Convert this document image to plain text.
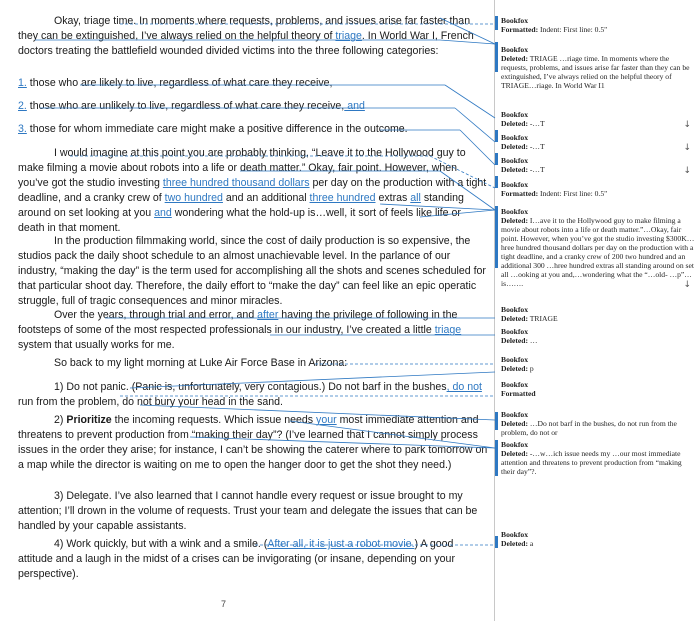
Okay, triage time. In moments where requests, problems, and issues arise far faster than they can be extinguished, I’ve always relied on the helpful theory of triage. In World War I, French doctors treating the battlefield wounded divided victims into the three following categories:

1. those who are likely to live, regardless of what care they receive,

2. those who are unlikely to live, regardless of what care they receive, and

3. those for whom immediate care might make a positive difference in the outcome.

I would imagine at this point you are probably thinking, “Leave it to the Hollywood guy to make filming a movie about robots into a life or death matter.” Okay, fair point. However, when you’ve got the studio investing three hundred thousand dollars per day on the production with a tight deadline, and a cranky crew of two hundred and an additional three hundred extras all standing around on set looking at you and wondering what the hold-up is…well, it sort of feels like life or death in that moment.

In the production filmmaking world, since the cost of daily production is so expensive, the studios pack the daily shoot schedule to an almost unachievable level. In the parlance of our industry, “making the day” is the term used for accomplishing all the shots and scenes scheduled for that particular shoot day. Therefore, the daily effort to “make the day” can feel like an epic operatic struggle, full of tragic consequences and minor miracles.

Over the years, through trial and error, and after having the privilege of following in the footsteps of some of the most respected professionals in our industry, I’ve created a little triage system that usually works for me.

So back to my light morning at Luke Air Force Base in Arizona:

1) Do not panic. (Panic is, unfortunately, very contagious.) Do not barf in the bushes, do not run from the problem, do not bury your head in the sand.

2) Prioritize the incoming requests. Which issue needs your most immediate attention and threatens to prevent production from “making their day”? (I’ve learned that I cannot simply process issues in the order they arise; for instance, I can’t be showing the caterer where to park tomorrow on a map while the director is waiting on me to open the hanger door to get the shot they need.)

3) Delegate. I’ve also learned that I cannot handle every request or issue brought to my attention; I’ll drown in the volume of requests. Trust your team and delegate the issues that can be handled by your capable assistants.

4) Work quickly, but with a wink and a smile. (After all, it is just a robot movie.) A good attitude and a laugh in the midst of a crises can be invigorating (or insane, depending on your perspective).

7
Bookfox
Formatted: Indent: First line: 0.5"
Bookfox
Deleted: TRIAGE …riage time. In moments where the requests, problems, and issues arise far faster than they can be extinguished, I’ve always relied on the helpful theory of TRIAGE…riage. In World War I1
Bookfox
Deleted: -…T	↓
Bookfox
Deleted: -…T	↓
Bookfox
Deleted: -…T	↓
Bookfox
Formatted: Indent: First line: 0.5"
Bookfox
Deleted: I…ave it to the Hollywood guy to make filming a movie about robots into a life or death matter.”…Okay, fair point. However, when you’ve got the studio investing $300K…hree hundred thousand dollars per day on the production with a tight deadline, and a cranky crew of 200 two hundred and an additional 300 …hree hundred extras all standing around on set all …ooking at you and,…wondering what the “…old- …p”…is…….	↓
Bookfox
Deleted: TRIAGE
Bookfox
Deleted: …
Bookfox
Deleted: p
Bookfox
Formatted
Bookfox
Deleted: …Do not barf in the bushes, do not run from the problem, do not or
Bookfox
Deleted: -…w…ich issue needs my …our most immediate attention and threatens to prevent production from “making their day”?.
Bookfox
Deleted: a
